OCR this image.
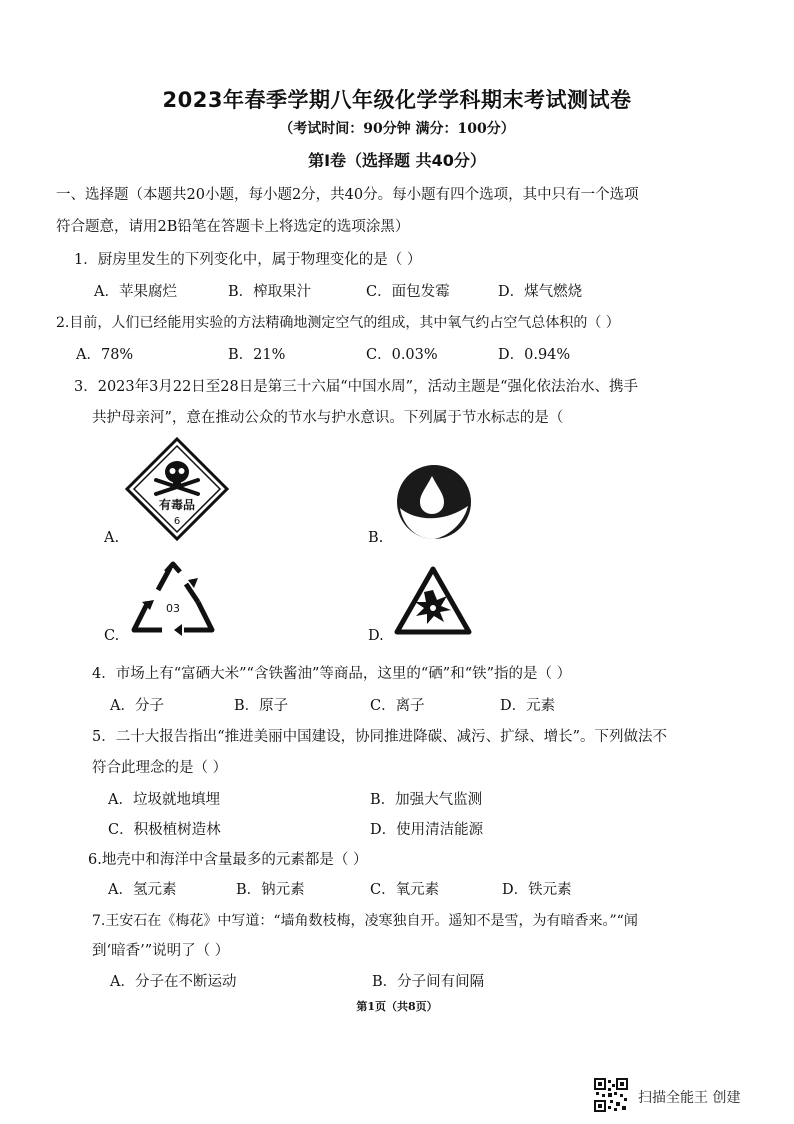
2023年春季学期八年级化学学科期末考试测试卷
（考试时间：90分钟 满分：100分）
第Ⅰ卷（选择题 共40分）
一、选择题（本题共20小题，每小题2分，共40分。每小题有四个选项，其中只有一个选项
符合题意，请用2B铅笔在答题卡上将选定的选项涂黑）
1．厨房里发生的下列变化中，属于物理变化的是（ ）
A．苹果腐烂	B．榨取果汁	C．面包发霉	D．煤气燃烧
2.目前，人们已经能用实验的方法精确地测定空气的组成，其中氧气约占空气总体积的（ ）
A．78%	B．21%	C．0.03%	D．0.94%
3．2023年3月22日至28日是第三十六届“中国水周”，活动主题是“强化依法治水、携手
共护母亲河”，意在推动公众的节水与护水意识。下列属于节水标志的是（
A.
有毒品
6
B.
C.
03
D.
4．市场上有“富硒大米”“含铁酱油”等商品，这里的“硒”和“铁”指的是（ ）
A．分子	B．原子	C．离子	D．元素
5．二十大报告指出“推进美丽中国建设，协同推进降碳、减污、扩绿、增长”。下列做法不
符合此理念的是（ ）
A．垃圾就地填埋	B．加强大气监测
C．积极植树造林	D．使用清洁能源
6.地壳中和海洋中含量最多的元素都是（ ）
A．氢元素	B．钠元素	C．氧元素	D．铁元素
7.王安石在《梅花》中写道：“墙角数枝梅，凌寒独自开。遥知不是雪，为有暗香来。”“闻
到‘暗香’”说明了（ ）
A．分子在不断运动	B．分子间有间隔
第1页（共8页）
扫描全能王 创建
